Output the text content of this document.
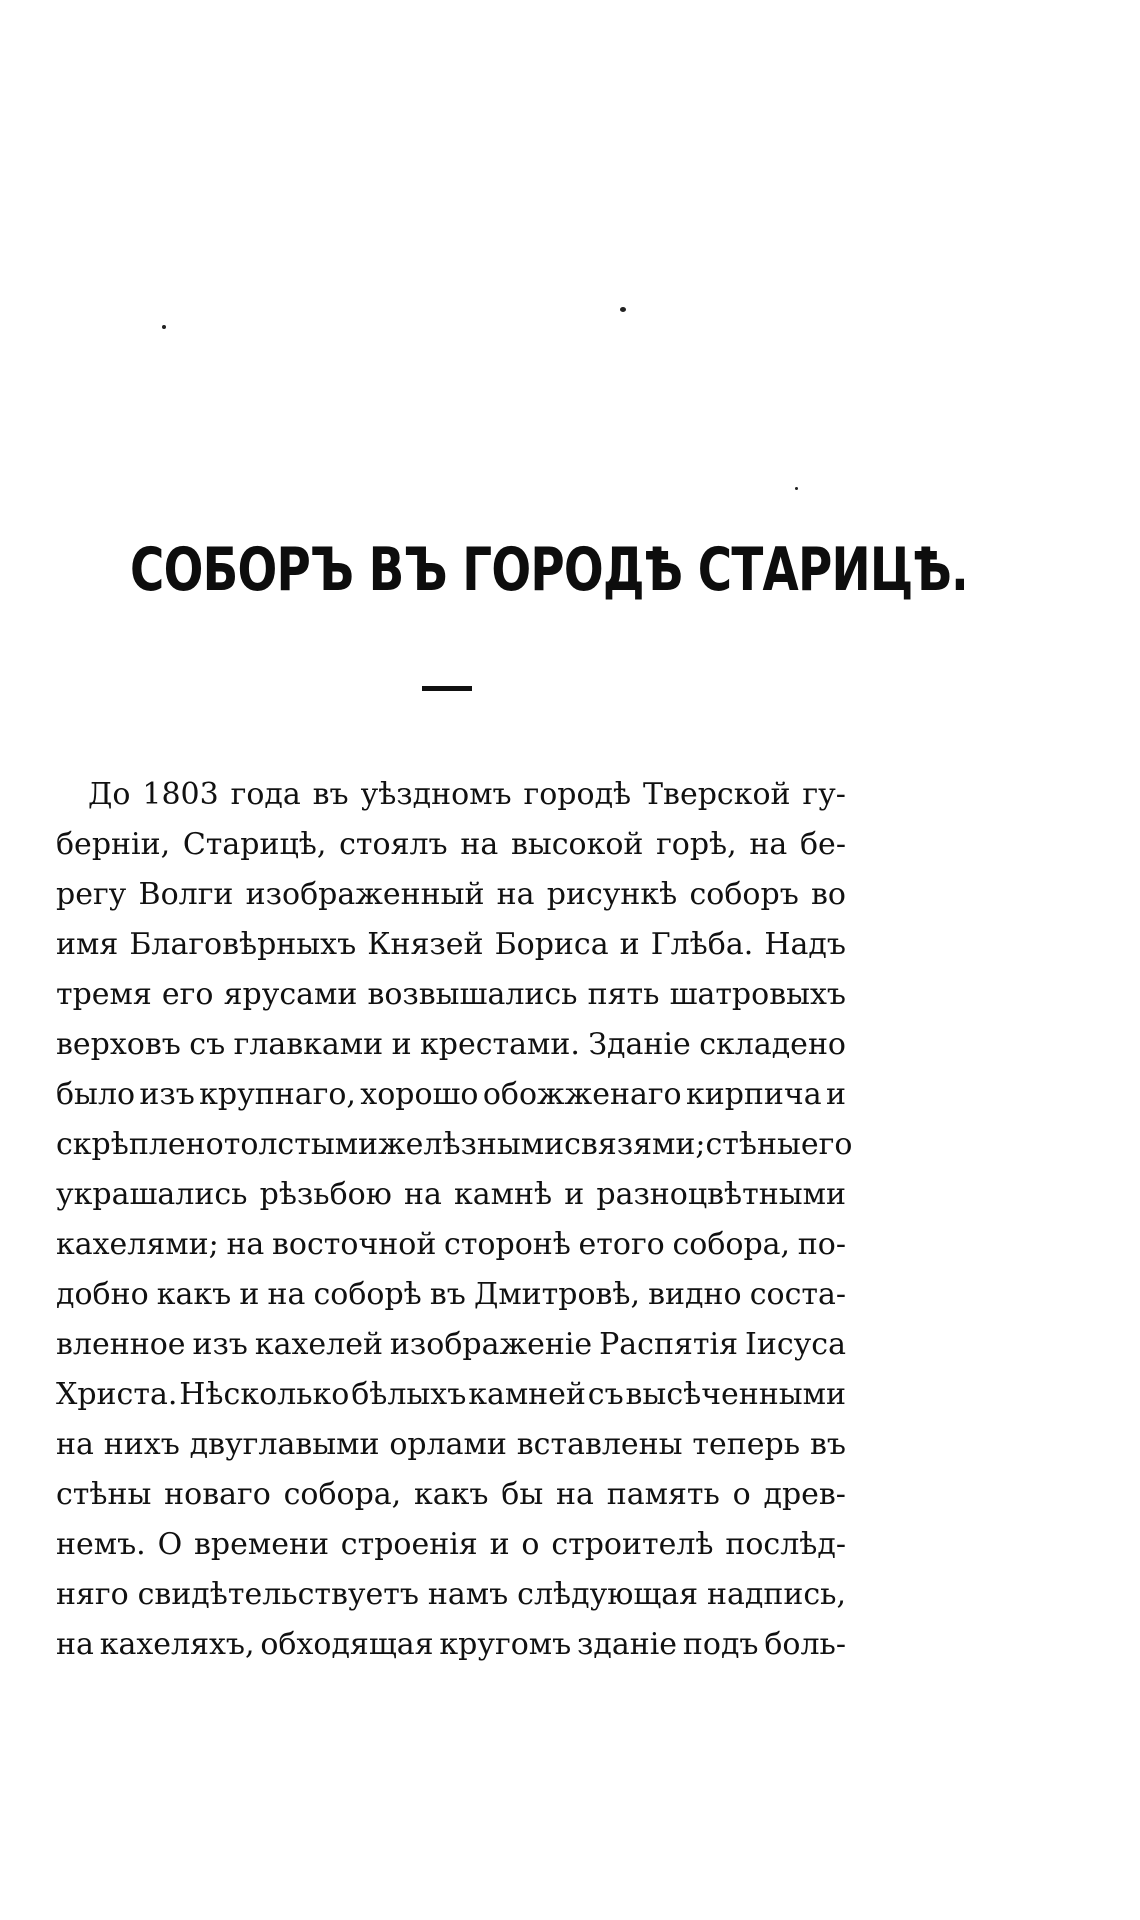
СОБОРЪ ВЪ ГОРОДѢ СТАРИЦѢ.
До 1803 года въ уѣздномъ городѣ Тверской гу-
берніи, Старицѣ, стоялъ на высокой горѣ, на бе-
регу Волги изображенный на рисункѣ соборъ во
имя Благовѣрныхъ Князей Бориса и Глѣба. Надъ
тремя его ярусами возвышались пять шатровыхъ
верховъ съ главками и крестами. Зданіе складено
было изъ крупнаго, хорошо обожженаго кирпича и
скрѣплено толстыми желѣзными связями; стѣны его
украшались рѣзьбою на камнѣ и разноцвѣтными
кахелями; на восточной сторонѣ етого собора, по-
добно какъ и на соборѣ въ Дмитровѣ, видно соста-
вленное изъ кахелей изображеніе Распятія Іисуса
Христа. Нѣсколько бѣлыхъ камней съ высѣченными
на нихъ двуглавыми орлами вставлены теперь въ
стѣны новаго собора, какъ бы на память о древ-
немъ. О времени строенія и о строителѣ послѣд-
няго свидѣтельствуетъ намъ слѣдующая надпись,
на кахеляхъ, обходящая кругомъ зданіе подъ боль-
